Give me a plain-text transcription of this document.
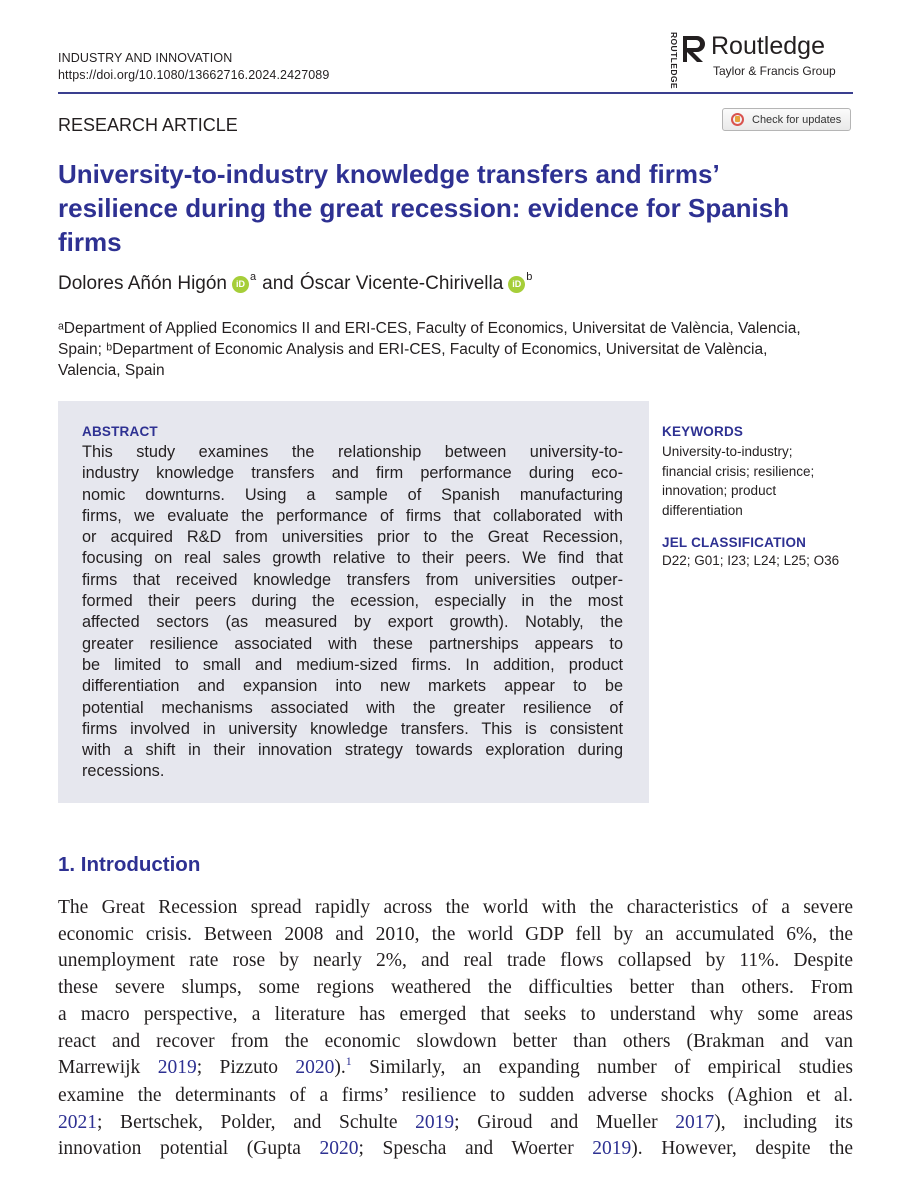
INDUSTRY AND INNOVATION
https://doi.org/10.1080/13662716.2024.2427089	ROUTLEDGE Routledge
Taylor & Francis Group
RESEARCH ARTICLE	Check for updates
University-to-industry knowledge transfers and firms’
resilience during the great recession: evidence for Spanish
firms
Dolores Añón Higón	iD
a and Óscar Vicente-Chirivella	iD
b
ᵃDepartment of Applied Economics II and ERI-CES, Faculty of Economics, Universitat de València, Valencia,
Spain; ᵇDepartment of Economic Analysis and ERI-CES, Faculty of Economics, Universitat de València,
Valencia, Spain
ABSTRACT
This study examines the relationship between university-to-
industry knowledge transfers and firm performance during eco-
nomic downturns. Using a sample of Spanish manufacturing
firms, we evaluate the performance of firms that collaborated with
or acquired R&D from universities prior to the Great Recession,
focusing on real sales growth relative to their peers. We find that
firms that received knowledge transfers from universities outper-
formed their peers during the ecession, especially in the most
affected sectors (as measured by export growth). Notably, the
greater resilience associated with these partnerships appears to
be limited to small and medium-sized firms. In addition, product
differentiation and expansion into new markets appear to be
potential mechanisms associated with the greater resilience of
firms involved in university knowledge transfers. This is consistent
with a shift in their innovation strategy towards exploration during
recessions.
KEYWORDS
University-to-industry;
financial crisis; resilience;
innovation; product
differentiation
JEL CLASSIFICATION
D22; G01; I23; L24; L25; O36
1. Introduction
The Great Recession spread rapidly across the world with the characteristics of a severe
economic crisis. Between 2008 and 2010, the world GDP fell by an accumulated 6%, the
unemployment rate rose by nearly 2%, and real trade flows collapsed by 11%. Despite
these severe slumps, some regions weathered the difficulties better than others. From
a macro perspective, a literature has emerged that seeks to understand why some areas
react and recover from the economic slowdown better than others (Brakman and van
Marrewijk 2019; Pizzuto 2020).$^1$ Similarly, an expanding number of empirical studies
examine the determinants of a firms’ resilience to sudden adverse shocks (Aghion et al.
2021; Bertschek, Polder, and Schulte 2019; Giroud and Mueller 2017), including its
innovation potential (Gupta 2020; Spescha and Woerter 2019). However, despite the
